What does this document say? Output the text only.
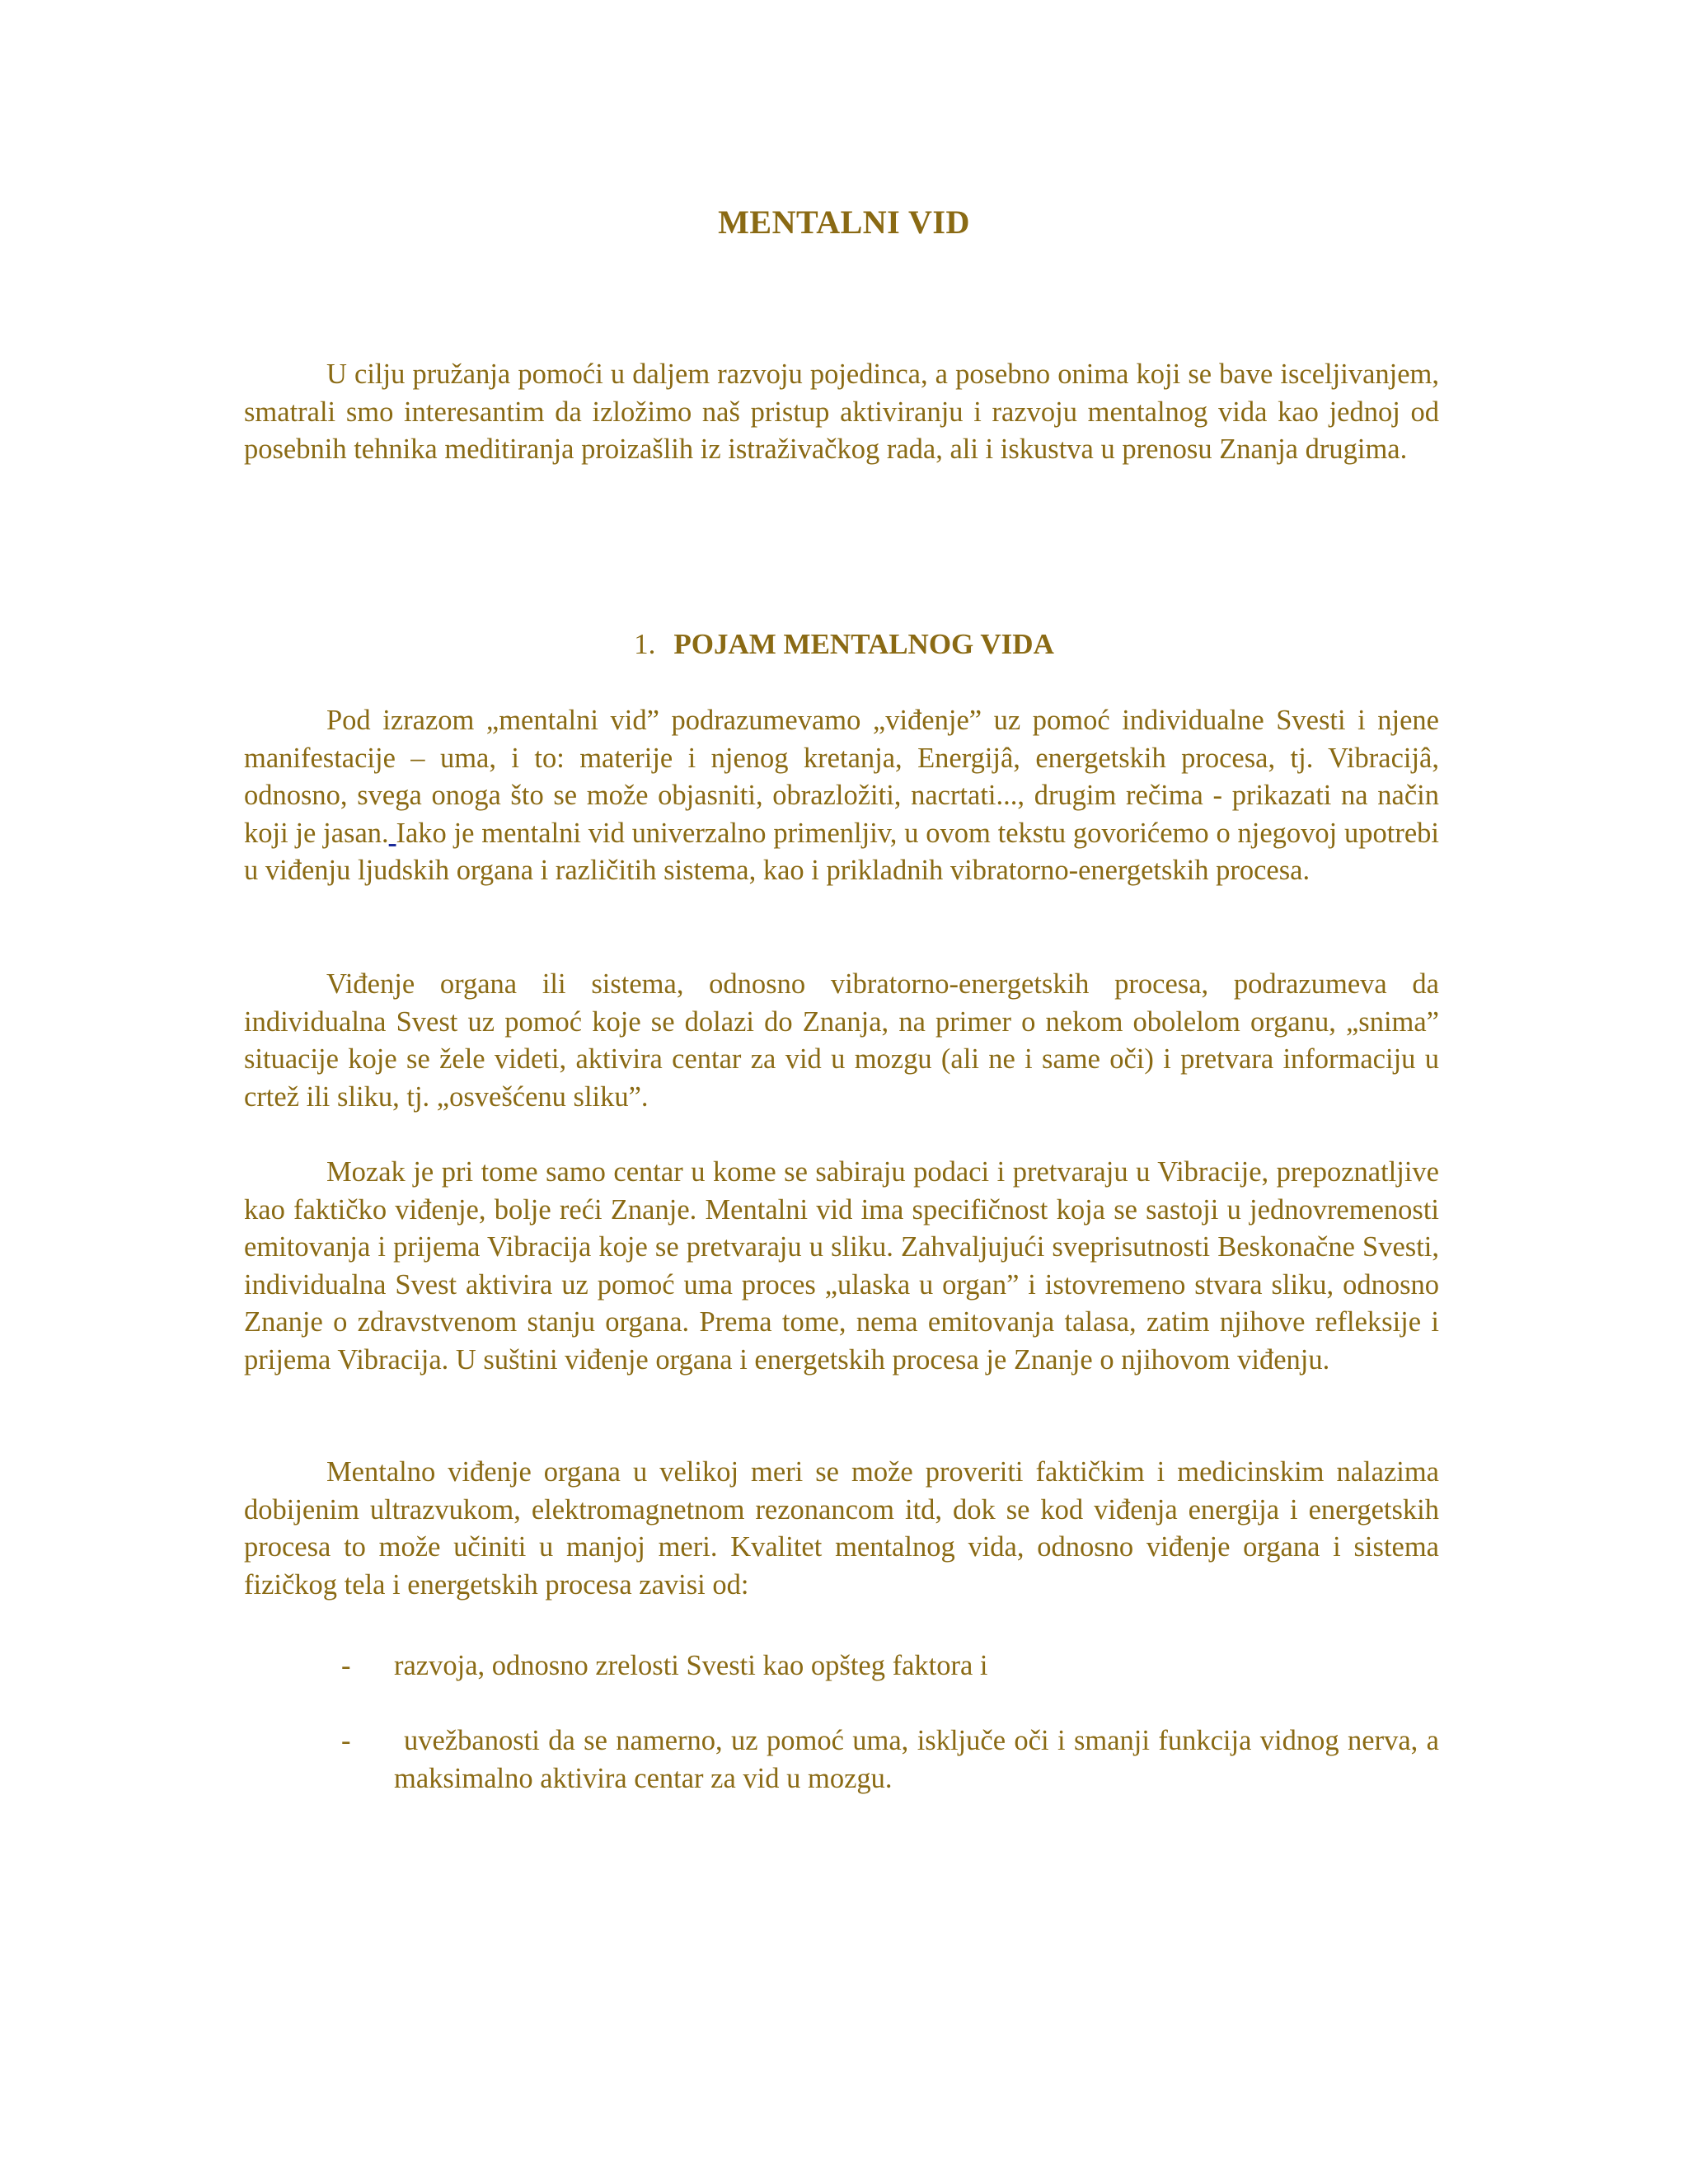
MENTALNI VID

U cilju pružanja pomoći u daljem razvoju pojedinca, a posebno onima koji se bave isceljivanjem, smatrali smo interesantim da izložimo naš pristup aktiviranju i razvoju mentalnog vida kao jednoj od posebnih tehnika meditiranja proizašlih iz istraživačkog rada, ali i iskustva u prenosu Znanja drugima.

1. POJAM MENTALNOG VIDA

Pod izrazom „mentalni vid” podrazumevamo „viđenje” uz pomoć individualne Svesti i njene manifestacije – uma, i to: materije i njenog kretanja, Energijâ, energetskih procesa, tj. Vibracijâ, odnosno, svega onoga što se može objasniti, obrazložiti, nacrtati..., drugim rečima - prikazati na način koji je jasan. Iako je mentalni vid univerzalno primenljiv, u ovom tekstu govorićemo o njegovoj upotrebi u viđenju ljudskih organa i različitih sistema, kao i prikladnih vibratorno-energetskih procesa.

Viđenje organa ili sistema, odnosno vibratorno-energetskih procesa, podrazumeva da individualna Svest uz pomoć koje se dolazi do Znanja, na primer o nekom obolelom organu, „snima” situacije koje se žele videti, aktivira centar za vid u mozgu (ali ne i same oči) i pretvara informaciju u crtež ili sliku, tj. „osvešćenu sliku”.

Mozak je pri tome samo centar u kome se sabiraju podaci i pretvaraju u Vibracije, prepoznatljive kao faktičko viđenje, bolje reći Znanje. Mentalni vid ima specifičnost koja se sastoji u jednovremenosti emitovanja i prijema Vibracija koje se pretvaraju u sliku. Zahvaljujući sveprisutnosti Beskonačne Svesti, individualna Svest aktivira uz pomoć uma proces „ulaska u organ” i istovremeno stvara sliku, odnosno Znanje o zdravstvenom stanju organa. Prema tome, nema emitovanja talasa, zatim njihove refleksije i prijema Vibracija. U suštini viđenje organa i energetskih procesa je Znanje o njihovom viđenju.

Mentalno viđenje organa u velikoj meri se može proveriti faktičkim i medicinskim nalazima dobijenim ultrazvukom, elektromagnetnom rezonancom itd, dok se kod viđenja energija i energetskih procesa to može učiniti u manjoj meri. Kvalitet mentalnog vida, odnosno viđenje organa i sistema fizičkog tela i energetskih procesa zavisi od:

- razvoja, odnosno zrelosti Svesti kao opšteg faktora i
-	uvežbanosti da se namerno, uz pomoć uma, isključe oči i smanji funkcija vidnog nerva, a maksimalno aktivira centar za vid u mozgu.
